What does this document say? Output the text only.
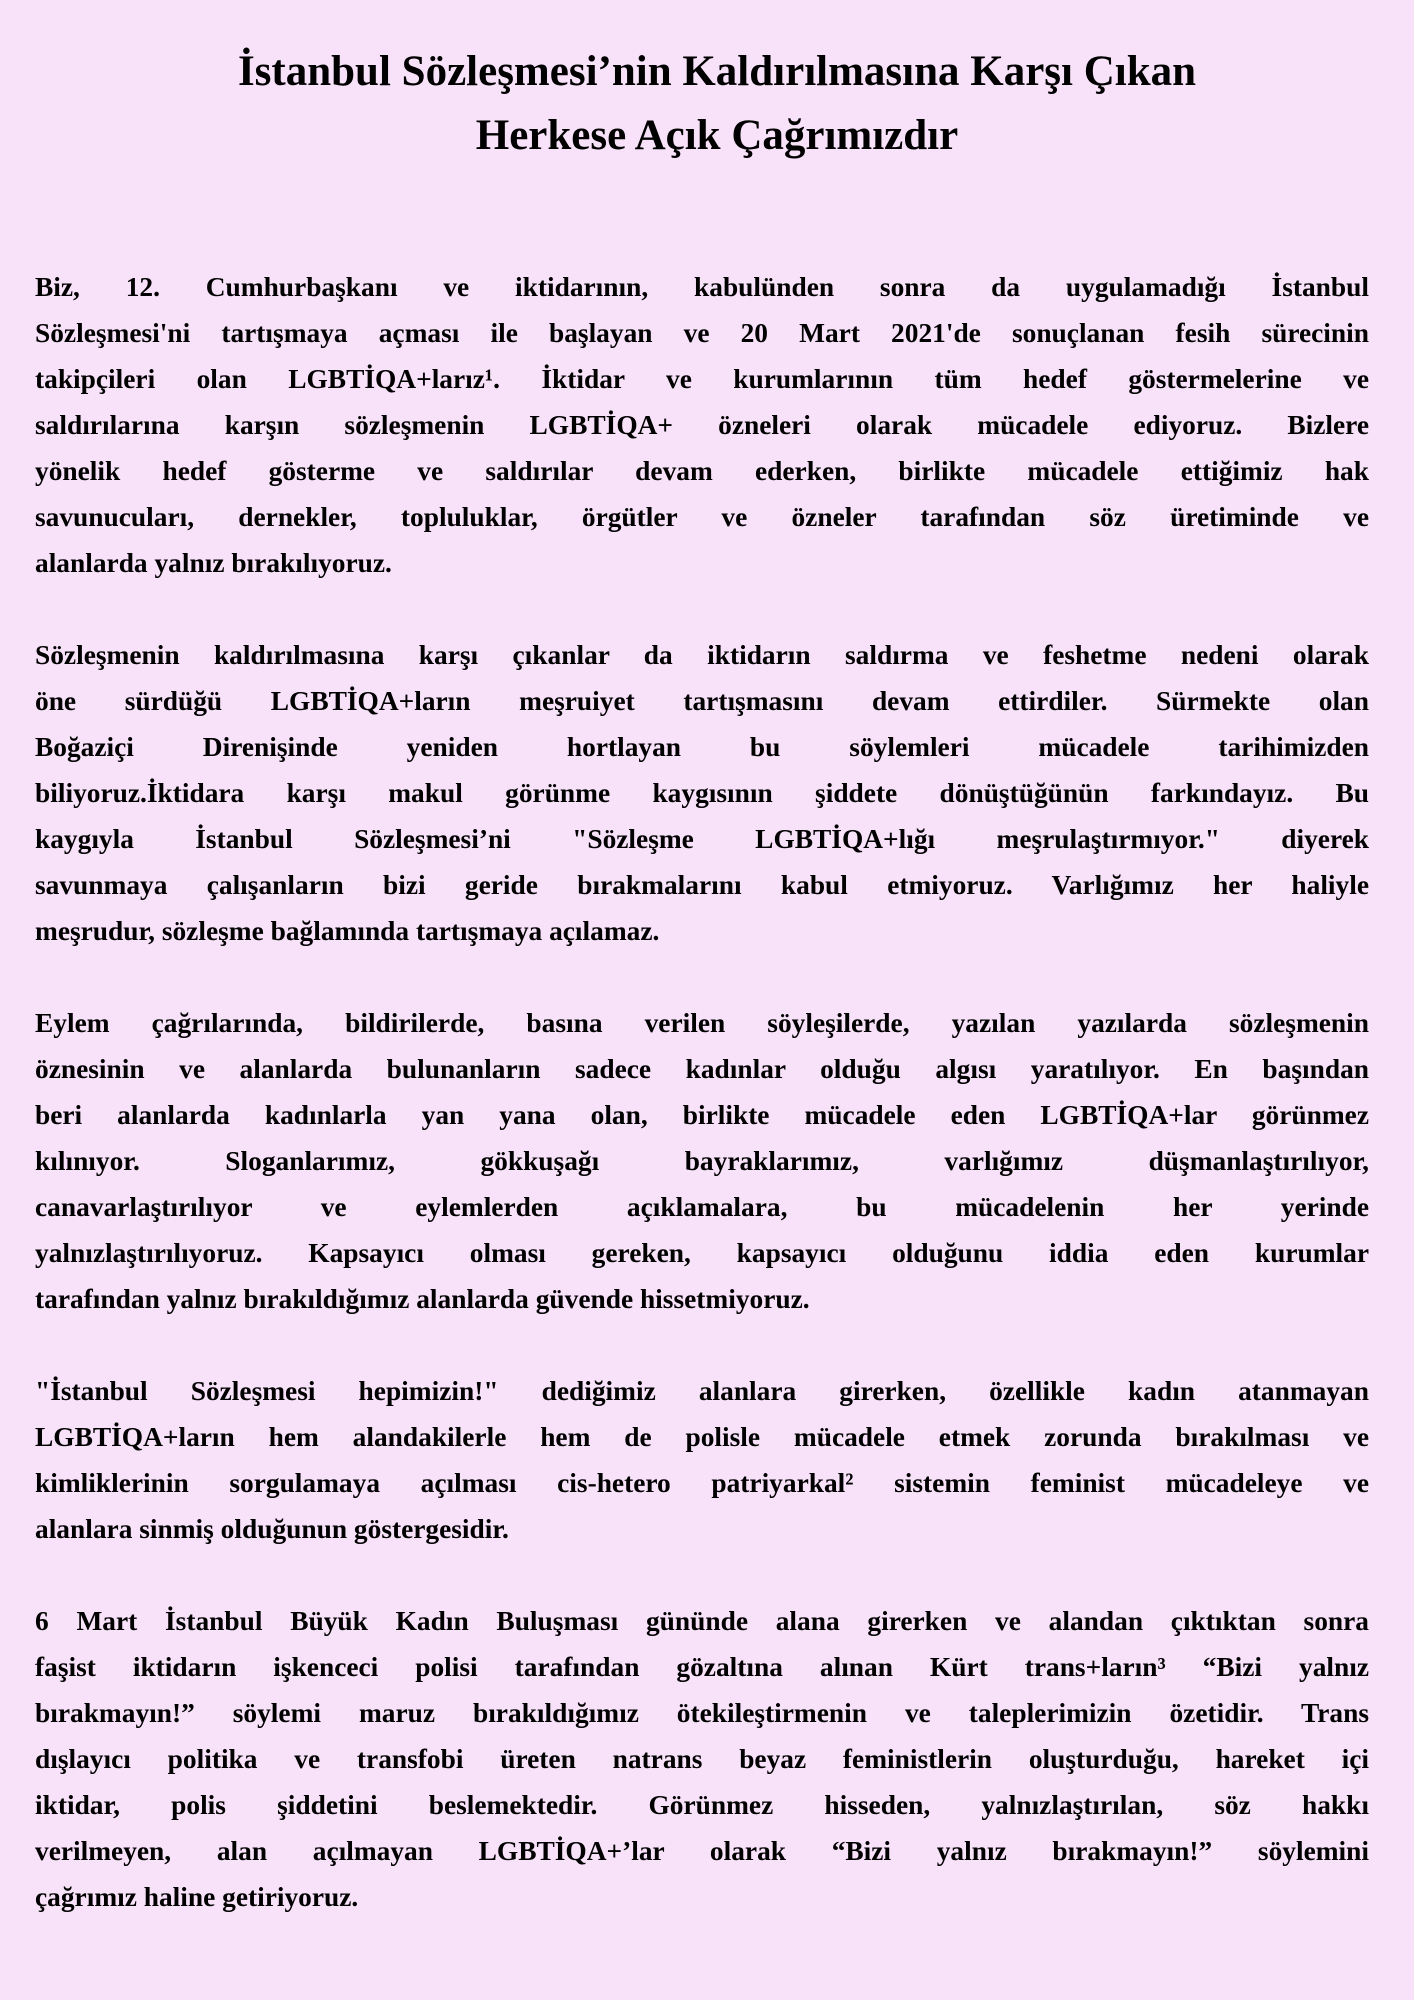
İstanbul Sözleşmesi’nin Kaldırılmasına Karşı Çıkan
Herkese Açık Çağrımızdır
Biz, 12. Cumhurbaşkanı ve iktidarının, kabulünden sonra da uygulamadığı İstanbul
Sözleşmesi'ni tartışmaya açması ile başlayan ve 20 Mart 2021'de sonuçlanan fesih sürecinin
takipçileri olan LGBTİQA+larız¹. İktidar ve kurumlarının tüm hedef göstermelerine ve
saldırılarına karşın sözleşmenin LGBTİQA+ özneleri olarak mücadele ediyoruz. Bizlere
yönelik hedef gösterme ve saldırılar devam ederken, birlikte mücadele ettiğimiz hak
savunucuları, dernekler, topluluklar, örgütler ve özneler tarafından söz üretiminde ve
alanlarda yalnız bırakılıyoruz.
Sözleşmenin kaldırılmasına karşı çıkanlar da iktidarın saldırma ve feshetme nedeni olarak
öne sürdüğü LGBTİQA+ların meşruiyet tartışmasını devam ettirdiler. Sürmekte olan
Boğaziçi Direnişinde yeniden hortlayan bu söylemleri mücadele tarihimizden
biliyoruz.İktidara karşı makul görünme kaygısının şiddete dönüştüğünün farkındayız. Bu
kaygıyla İstanbul Sözleşmesi’ni "Sözleşme LGBTİQA+lığı meşrulaştırmıyor." diyerek
savunmaya çalışanların bizi geride bırakmalarını kabul etmiyoruz. Varlığımız her haliyle
meşrudur, sözleşme bağlamında tartışmaya açılamaz.
Eylem çağrılarında, bildirilerde, basına verilen söyleşilerde, yazılan yazılarda sözleşmenin
öznesinin ve alanlarda bulunanların sadece kadınlar olduğu algısı yaratılıyor. En başından
beri alanlarda kadınlarla yan yana olan, birlikte mücadele eden LGBTİQA+lar görünmez
kılınıyor. Sloganlarımız, gökkuşağı bayraklarımız, varlığımız düşmanlaştırılıyor,
canavarlaştırılıyor ve eylemlerden açıklamalara, bu mücadelenin her yerinde
yalnızlaştırılıyoruz. Kapsayıcı olması gereken, kapsayıcı olduğunu iddia eden kurumlar
tarafından yalnız bırakıldığımız alanlarda güvende hissetmiyoruz.
"İstanbul Sözleşmesi hepimizin!" dediğimiz alanlara girerken, özellikle kadın atanmayan
LGBTİQA+ların hem alandakilerle hem de polisle mücadele etmek zorunda bırakılması ve
kimliklerinin sorgulamaya açılması cis-hetero patriyarkal² sistemin feminist mücadeleye ve
alanlara sinmiş olduğunun göstergesidir.
6 Mart İstanbul Büyük Kadın Buluşması gününde alana girerken ve alandan çıktıktan sonra
faşist iktidarın işkenceci polisi tarafından gözaltına alınan Kürt trans+ların³ “Bizi yalnız
bırakmayın!” söylemi maruz bırakıldığımız ötekileştirmenin ve taleplerimizin özetidir. Trans
dışlayıcı politika ve transfobi üreten natrans beyaz feministlerin oluşturduğu, hareket içi
iktidar, polis şiddetini beslemektedir. Görünmez hisseden, yalnızlaştırılan, söz hakkı
verilmeyen, alan açılmayan LGBTİQA+’lar olarak “Bizi yalnız bırakmayın!” söylemini
çağrımız haline getiriyoruz.
